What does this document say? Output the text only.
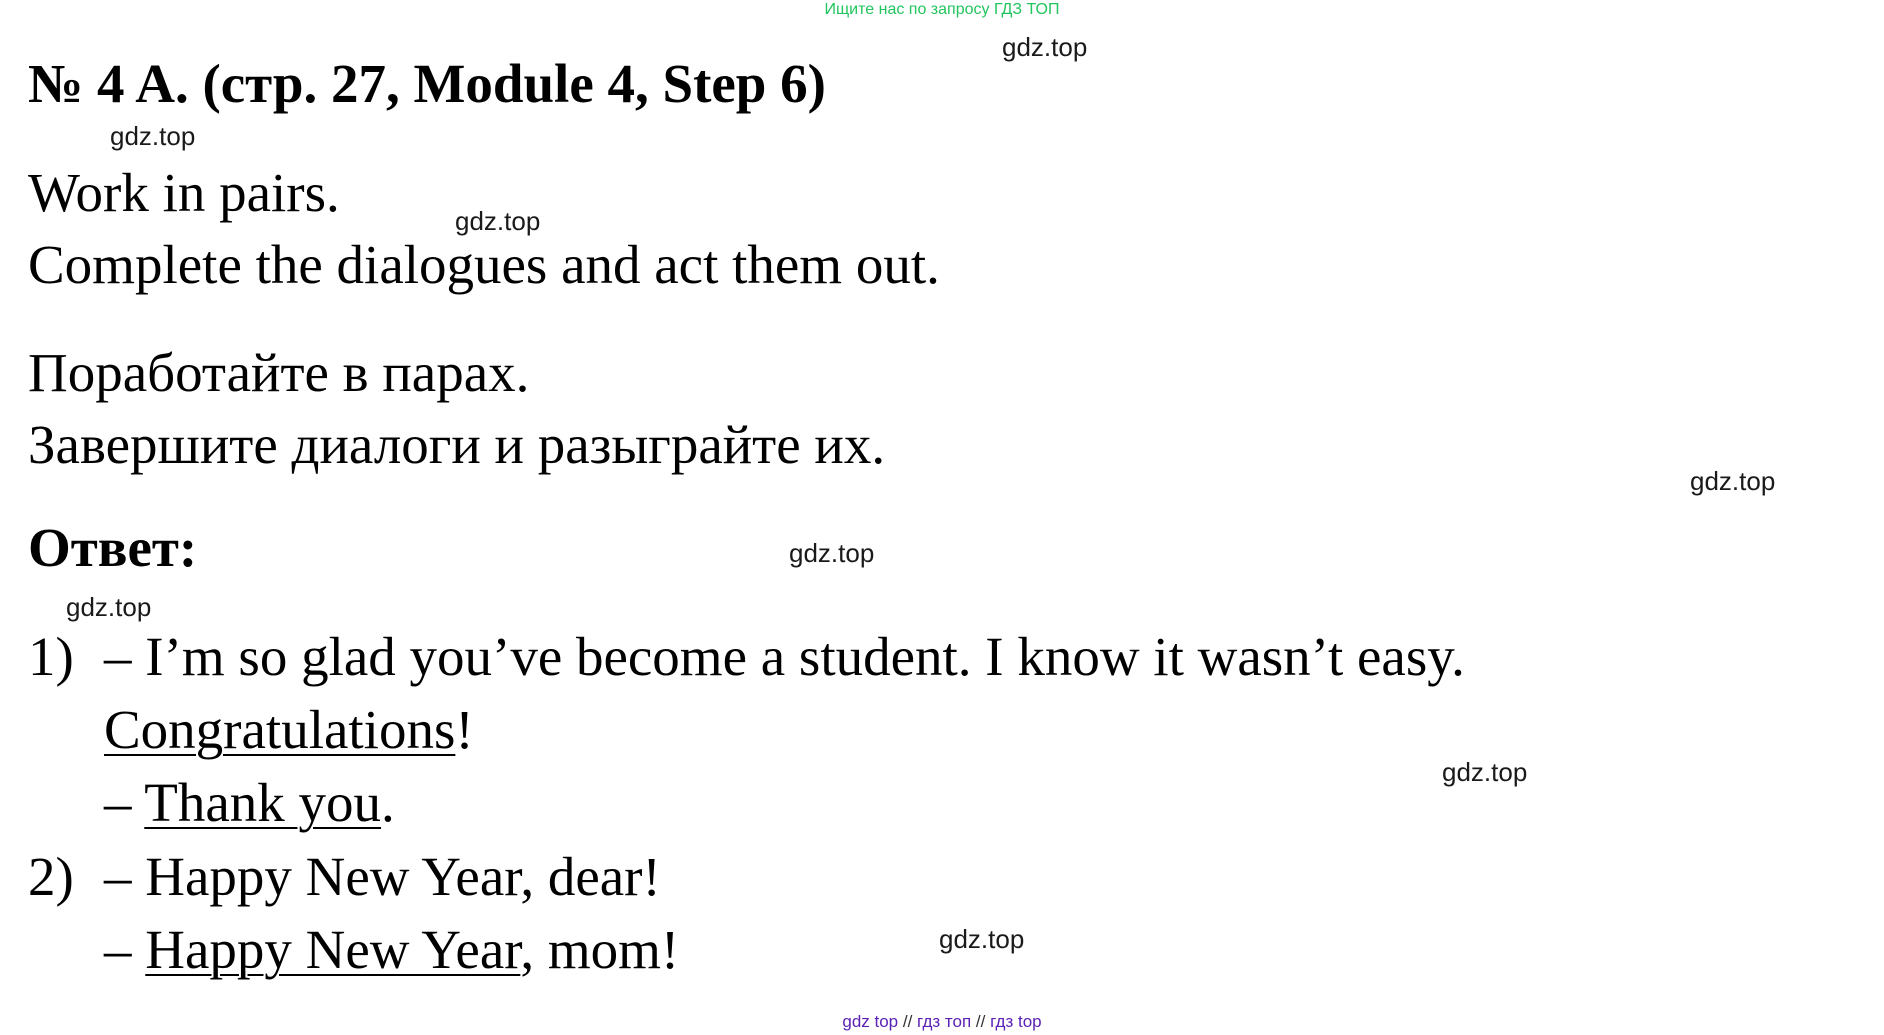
Ищите нас по запросу ГДЗ ТОП
gdz.top
gdz.top
gdz.top
gdz.top
gdz.top
gdz.top
gdz.top
gdz.top
№ 4 A. (стр. 27, Module 4, Step 6)
Work in pairs.
Complete the dialogues and act them out.
Поработайте в парах.
Завершите диалоги и разыграйте их.
Ответ:
1) – I’m so glad you’ve become a student. I know it wasn’t easy.
Congratulations!
– Thank you.
2) – Happy New Year, dear!
– Happy New Year, mom!
gdz top // гдз топ // гдз top
